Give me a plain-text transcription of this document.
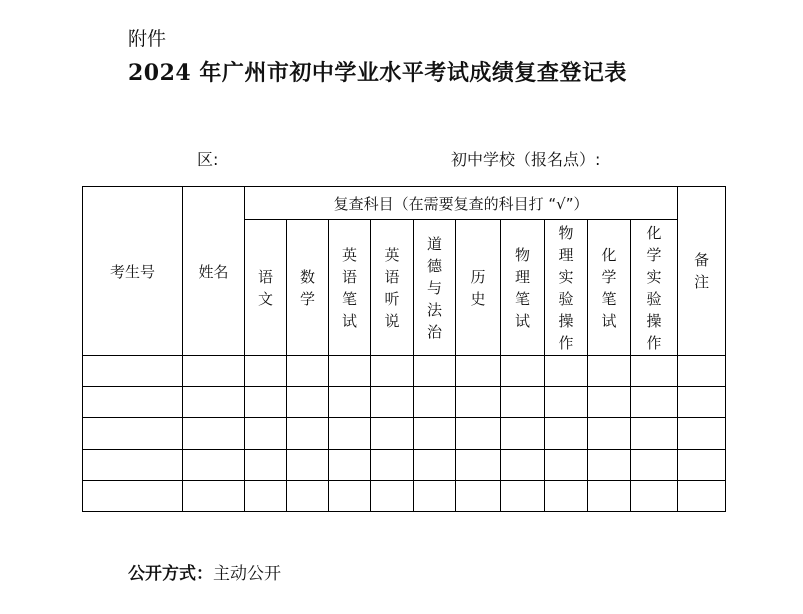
附件
2024 年广州市初中学业水平考试成绩复查登记表
区:	初中学校（报名点）:
考生号	姓名	复查科目（在需要复查的科目打 “√”）										备注
		语文	数学	英语笔试	英语听说	道德与法治	历史	物理笔试	物理实验操作	化学笔试	化学实验操作	

公开方式：主动公开
